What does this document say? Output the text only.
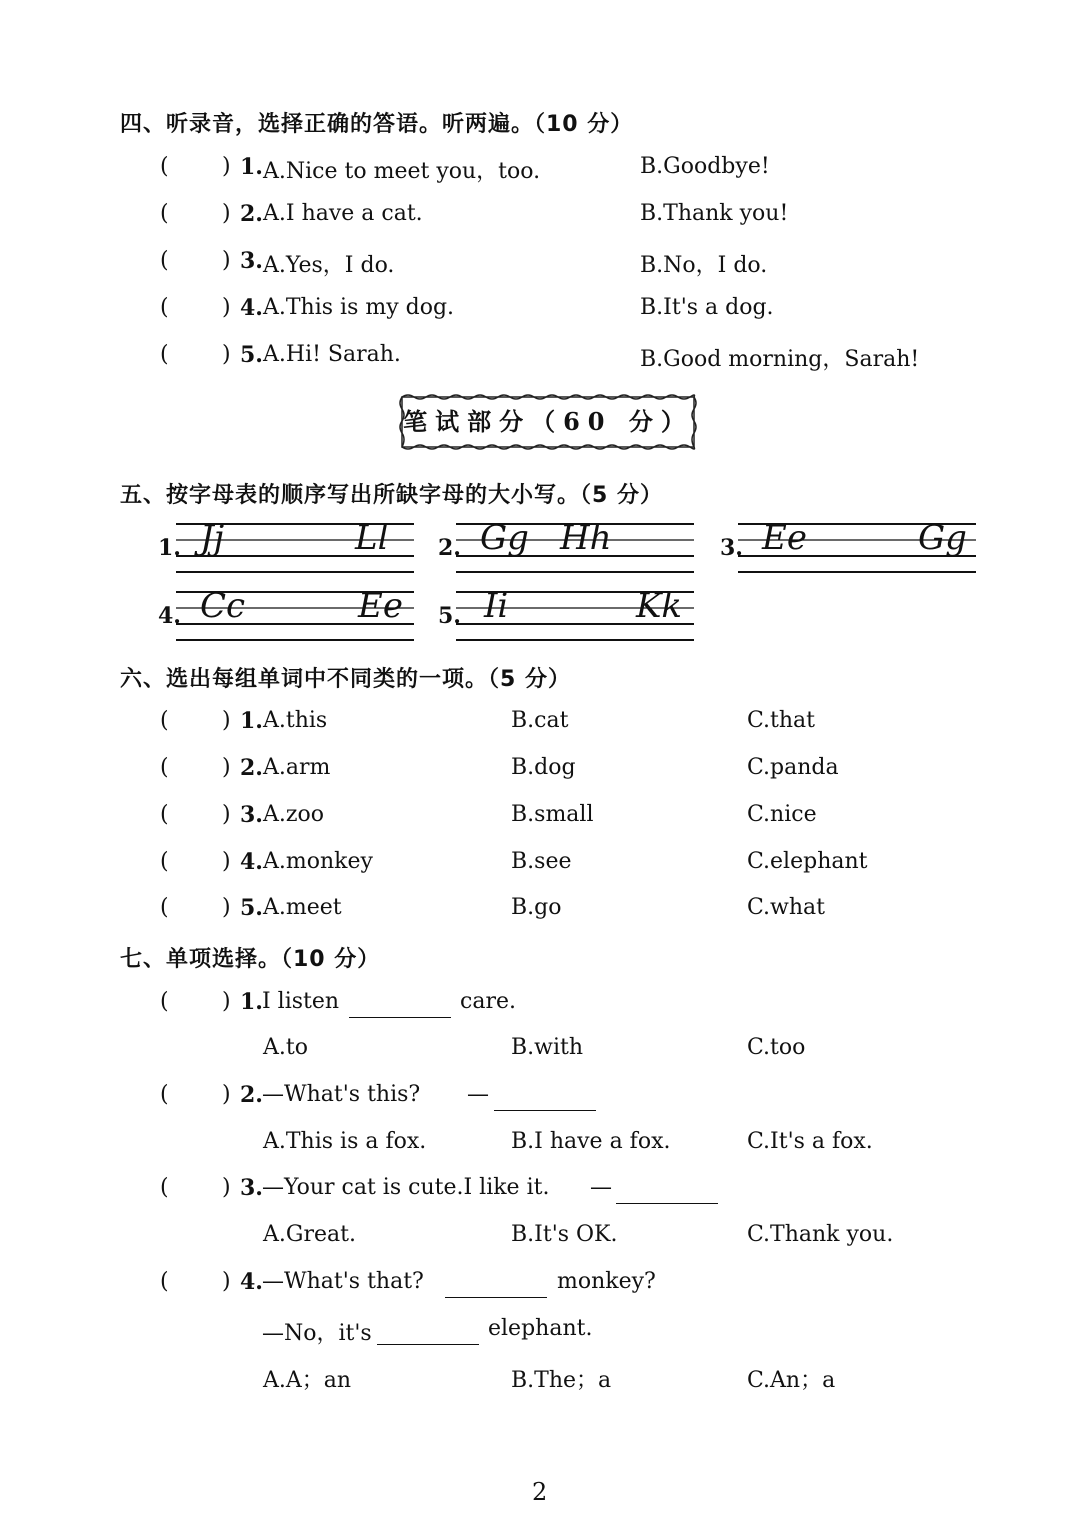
四、听录音，选择正确的答语。听两遍。（10 分）
( ) 1. A.Nice to meet you，too.	B.Goodbye!
( ) 2. A.I have a cat.	B.Thank you!
( ) 3. A.Yes，I do.	B.No，I do.
( ) 4. A.This is my dog.	B.It's a dog.
( ) 5. A.Hi! Sarah.	B.Good morning，Sarah!
笔试部分（60 分）
五、按字母表的顺序写出所缺字母的大小写。（5 分）
1. Jj	Ll 2. Gg Hh	3. Ee	Gg
4. Cc	Ee 5. Ii	Kk
六、选出每组单词中不同类的一项。（5 分）
( ) 1. A.this	B.cat	C.that
( ) 2. A.arm	B.dog	C.panda
( ) 3. A.zoo	B.small	C.nice
( ) 4. A.monkey	B.see	C.elephant
( ) 5. A.meet	B.go	C.what
七、单项选择。（10 分）
( ) 1. I listen	care.
A.to	B.with	C.too
( ) 2. —What's this? —
A.This is a fox.	B.I have a fox.	C.It's a fox.
( ) 3. —Your cat is cute.I like it. —
A.Great.	B.It's OK.	C.Thank you.
( ) 4. —What's that?	monkey?
—No，it's	elephant.
A.A；an	B.The；a	C.An；a
2
